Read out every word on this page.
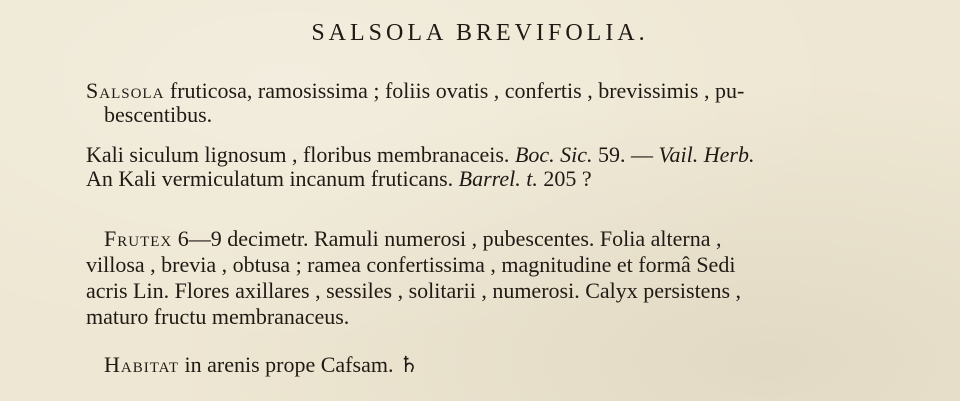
SALSOLA BREVIFOLIA.
Salsola fruticosa, ramosissima ; foliis ovatis , confertis , brevissimis , pu-
bescentibus.
Kali siculum lignosum , floribus membranaceis. Boc. Sic. 59. — Vail. Herb.
An Kali vermiculatum incanum fruticans. Barrel. t. 205 ?
Frutex 6—9 decimetr. Ramuli numerosi , pubescentes. Folia alterna ,
villosa , brevia , obtusa ; ramea confertissima , magnitudine et formâ Sedi
acris Lin. Flores axillares , sessiles , solitarii , numerosi. Calyx persistens ,
maturo fructu membranaceus.
Habitat in arenis prope Cafsam. ♄
